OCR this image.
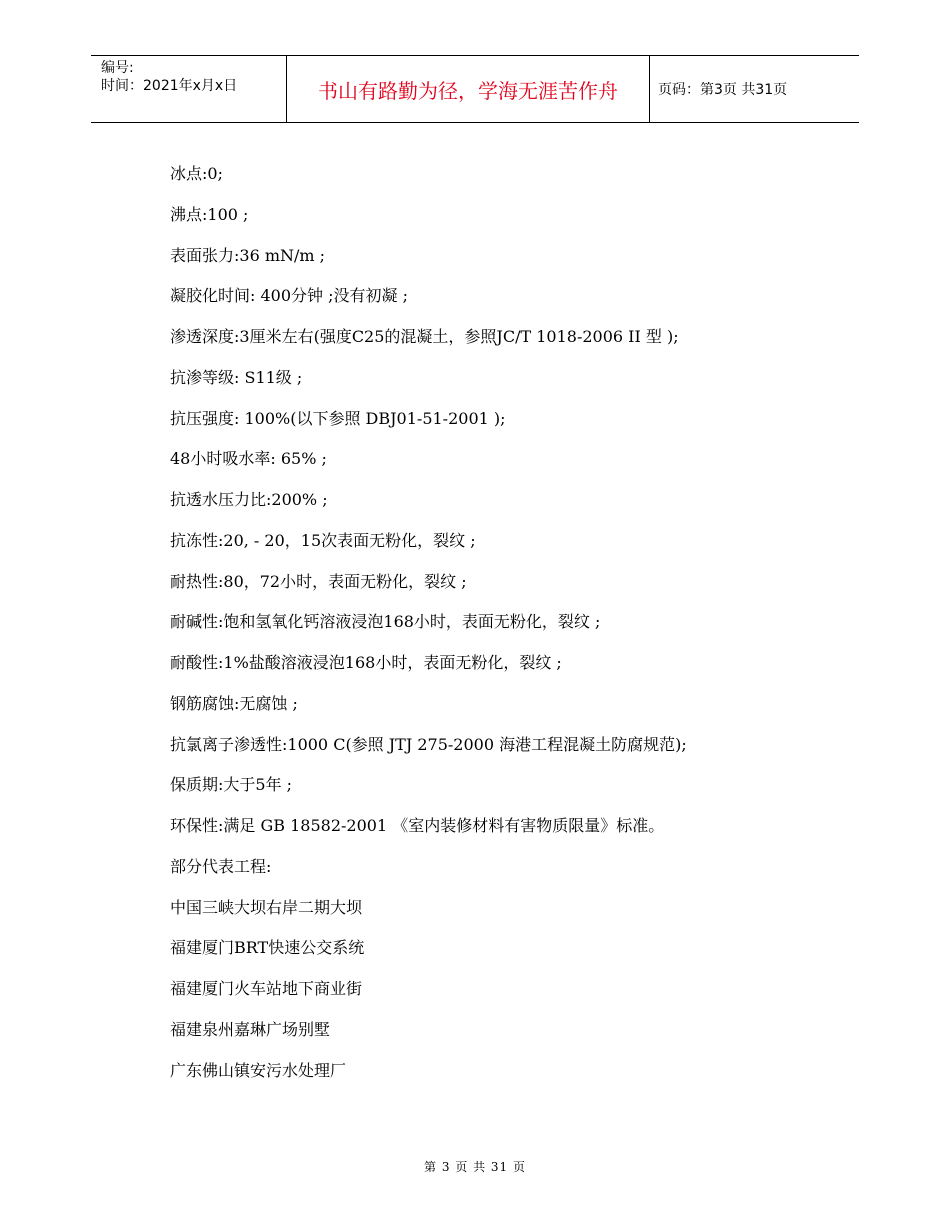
编号:
时间：2021年x月x日	书山有路勤为径，学海无涯苦作舟	页码：第3页 共31页
冰点:0;
沸点:100 ;
表面张力:36 mN/m ;
凝胶化时间: 400分钟 ;没有初凝 ;
渗透深度:3厘米左右(强度C25的混凝土，参照JC/T 1018-2006 II 型 );
抗渗等级: S11级 ;
抗压强度: 100%(以下参照 DBJ01-51-2001 );
48小时吸水率: 65% ;
抗透水压力比:200% ;
抗冻性:20, - 20，15次表面无粉化，裂纹 ;
耐热性:80，72小时，表面无粉化，裂纹 ;
耐碱性:饱和氢氧化钙溶液浸泡168小时，表面无粉化，裂纹 ;
耐酸性:1%盐酸溶液浸泡168小时，表面无粉化，裂纹 ;
钢筋腐蚀:无腐蚀 ;
抗氯离子渗透性:1000 C(参照 JTJ 275-2000 海港工程混凝土防腐规范);
保质期:大于5年 ;
环保性:满足 GB 18582-2001 《室内装修材料有害物质限量》标准。
部分代表工程:
中国三峡大坝右岸二期大坝
福建厦门BRT快速公交系统
福建厦门火车站地下商业街
福建泉州嘉琳广场别墅
广东佛山镇安污水处理厂
第 3 页 共 31 页
